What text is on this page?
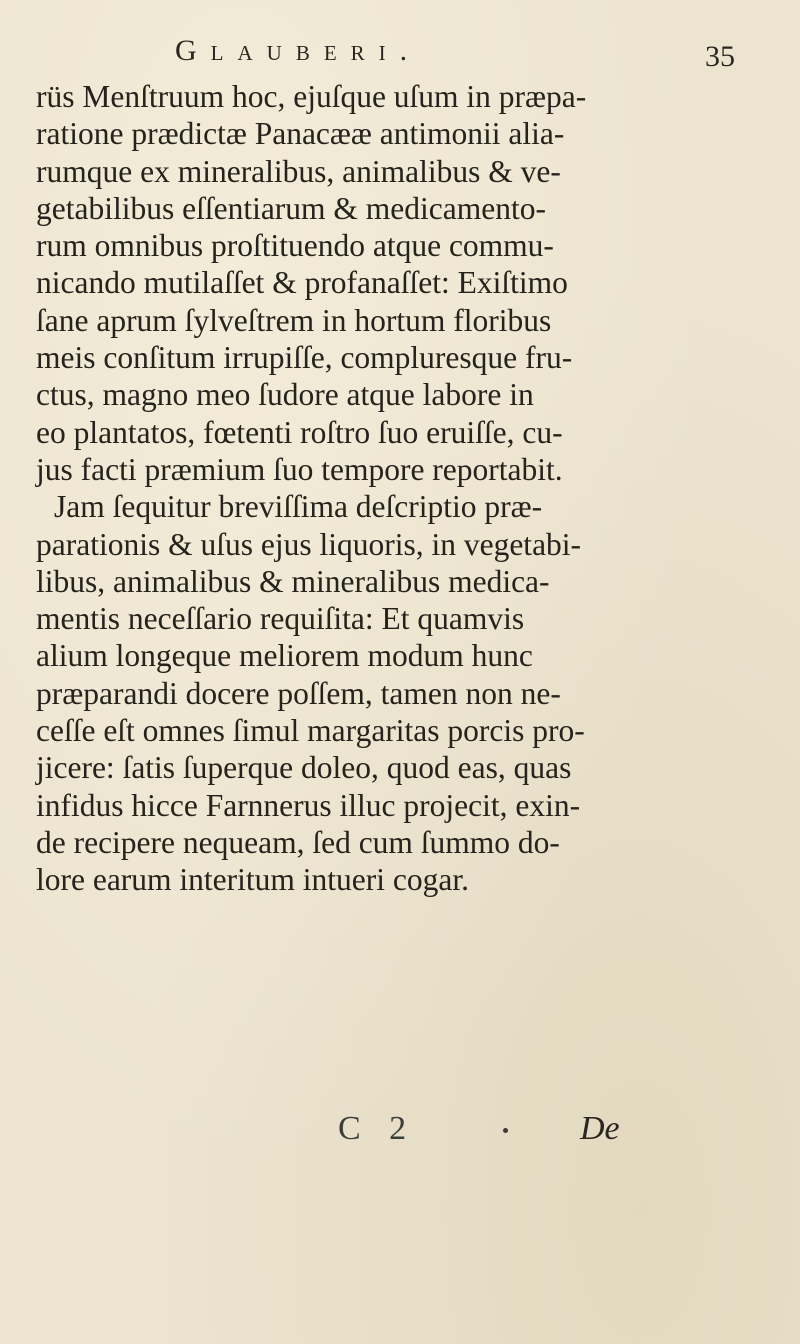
Glauberi.	35
rüs Menſtruum hoc, ejuſque uſum in præpa-
ratione prædictæ Panacææ antimonii alia-
rumque ex mineralibus, animalibus & ve-
getabilibus eſſentiarum & medicamento-
rum omnibus proſtituendo atque commu-
nicando mutilaſſet & profanaſſet: Exiſtimo
ſane aprum ſylveſtrem in hortum floribus
meis conſitum irrupiſſe, compluresque fru-
ctus, magno meo ſudore atque labore in
eo plantatos, fœtenti roſtro ſuo eruiſſe, cu-
jus facti præmium ſuo tempore reportabit.
Jam ſequitur breviſſima deſcriptio præ-
parationis & uſus ejus liquoris, in vegetabi-
libus, animalibus & mineralibus medica-
mentis neceſſario requiſita: Et quamvis
alium longeque meliorem modum hunc
præparandi docere poſſem, tamen non ne-
ceſſe eſt omnes ſimul margaritas porcis pro-
jicere: ſatis ſuperque doleo, quod eas, quas
infidus hicce Farnnerus illuc projecit, exin-
de recipere nequeam, ſed cum ſummo do-
lore earum interitum intueri cogar.
C 2	De
